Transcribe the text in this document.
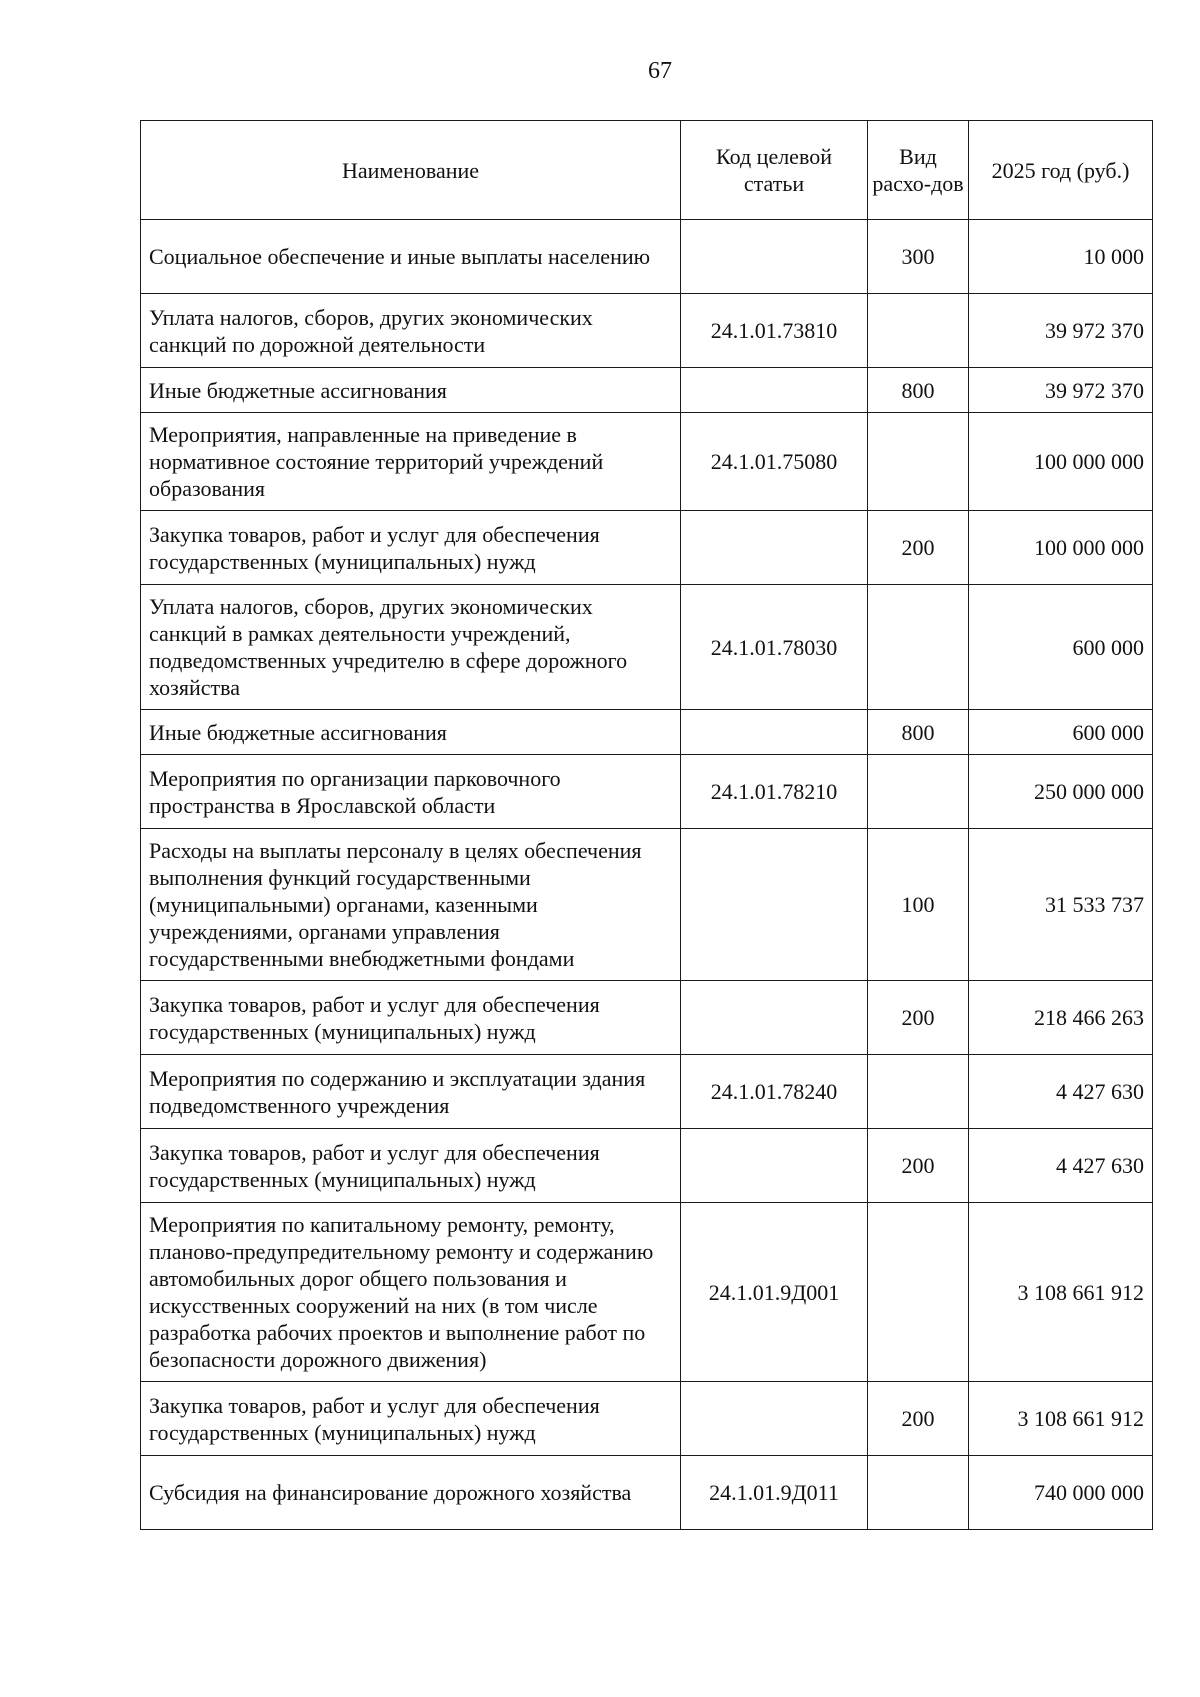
67
Наименование	Код целевой статьи	Вид расхо-дов	2025 год (руб.)
Социальное обеспечение и иные выплаты населению		300	10 000
Уплата налогов, сборов, других экономических санкций по дорожной деятельности	24.1.01.73810		39 972 370
Иные бюджетные ассигнования		800	39 972 370
Мероприятия, направленные на приведение в нормативное состояние территорий учреждений образования	24.1.01.75080		100 000 000
Закупка товаров, работ и услуг для обеспечения государственных (муниципальных) нужд		200	100 000 000
Уплата налогов, сборов, других экономических санкций в рамках деятельности учреждений, подведомственных учредителю в сфере дорожного хозяйства	24.1.01.78030		600 000
Иные бюджетные ассигнования		800	600 000
Мероприятия по организации парковочного пространства в Ярославской области	24.1.01.78210		250 000 000
Расходы на выплаты персоналу в целях обеспечения выполнения функций государственными (муниципальными) органами, казенными учреждениями, органами управления государственными внебюджетными фондами		100	31 533 737
Закупка товаров, работ и услуг для обеспечения государственных (муниципальных) нужд		200	218 466 263
Мероприятия по содержанию и эксплуатации здания подведомственного учреждения	24.1.01.78240		4 427 630
Закупка товаров, работ и услуг для обеспечения государственных (муниципальных) нужд		200	4 427 630
Мероприятия по капитальному ремонту, ремонту, планово-предупредительному ремонту и содержанию автомобильных дорог общего пользования и искусственных сооружений на них (в том числе разработка рабочих проектов и выполнение работ по безопасности дорожного движения)	24.1.01.9Д001		3 108 661 912
Закупка товаров, работ и услуг для обеспечения государственных (муниципальных) нужд		200	3 108 661 912
Субсидия на финансирование дорожного хозяйства	24.1.01.9Д011		740 000 000
